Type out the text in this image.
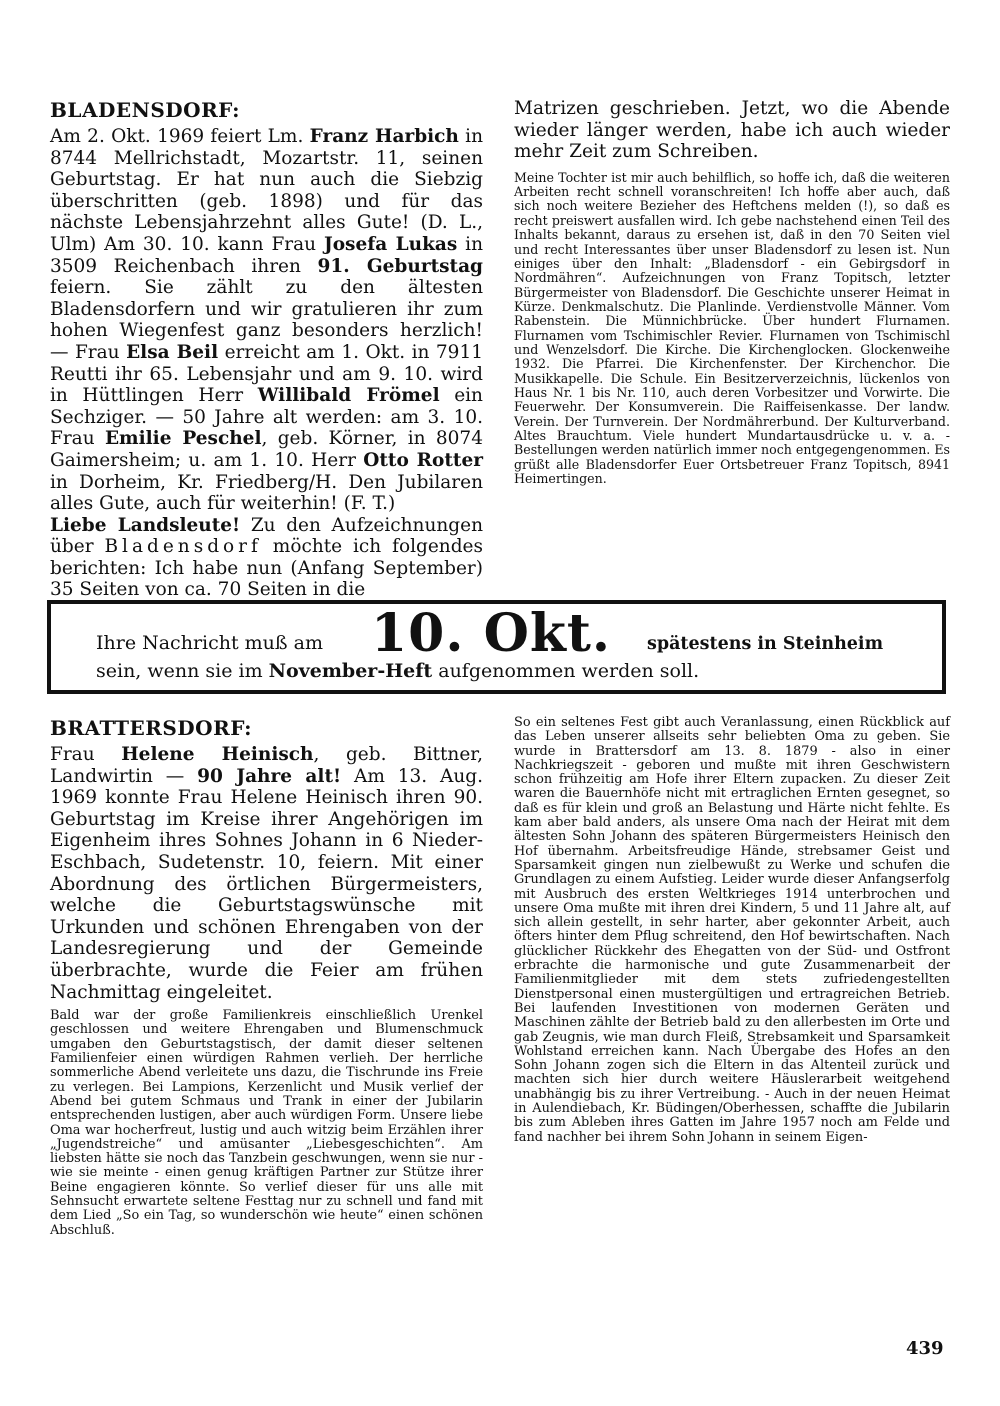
BLADENSDORF:

Am 2. Okt. 1969 feiert Lm. Franz Harbich in 8744 Mellrichstadt, Mozartstr. 11, seinen Geburtstag. Er hat nun auch die Siebzig überschritten (geb. 1898) und für das nächste Lebensjahrzehnt alles Gute! (D. L., Ulm) Am 30. 10. kann Frau Josefa Lukas in 3509 Reichenbach ihren 91. Geburtstag feiern. Sie zählt zu den ältesten Bladensdorfern und wir gratulieren ihr zum hohen Wiegenfest ganz besonders herzlich! — Frau Elsa Beil erreicht am 1. Okt. in 7911 Reutti ihr 65. Lebensjahr und am 9. 10. wird in Hüttlingen Herr Willibald Frömel ein Sechziger. — 50 Jahre alt werden: am 3. 10. Frau Emilie Peschel, geb. Körner, in 8074 Gaimersheim; u. am 1. 10. Herr Otto Rotter in Dorheim, Kr. Friedberg/H. Den Jubilaren alles Gute, auch für weiterhin! (F. T.)

Liebe Landsleute! Zu den Aufzeichnungen über Bladensdorf möchte ich folgendes berichten: Ich habe nun (Anfang September) 35 Seiten von ca. 70 Seiten in die

Matrizen geschrieben. Jetzt, wo die Abende wieder länger werden, habe ich auch wieder mehr Zeit zum Schreiben.

Meine Tochter ist mir auch behilflich, so hoffe ich, daß die weiteren Arbeiten recht schnell voranschreiten! Ich hoffe aber auch, daß sich noch weitere Bezieher des Heftchens melden (!), so daß es recht preiswert ausfallen wird. Ich gebe nachstehend einen Teil des Inhalts bekannt, daraus zu ersehen ist, daß in den 70 Seiten viel und recht Interessantes über unser Bladensdorf zu lesen ist. Nun einiges über den Inhalt: „Bladensdorf - ein Gebirgsdorf in Nordmähren“. Aufzeichnungen von Franz Topitsch, letzter Bürgermeister von Bladensdorf. Die Geschichte unserer Heimat in Kürze. Denkmalschutz. Die Planlinde. Verdienstvolle Männer. Vom Rabenstein. Die Münnichbrücke. Über hundert Flurnamen. Flurnamen vom Tschimischler Revier. Flurnamen von Tschimischl und Wenzelsdorf. Die Kirche. Die Kirchenglocken. Glockenweihe 1932. Die Pfarrei. Die Kirchenfenster. Der Kirchenchor. Die Musikkapelle. Die Schule. Ein Besitzerverzeichnis, lückenlos von Haus Nr. 1 bis Nr. 110, auch deren Vorbesitzer und Vorwirte. Die Feuerwehr. Der Konsumverein. Die Raiffeisenkasse. Der landw. Verein. Der Turnverein. Der Nordmährerbund. Der Kulturverband. Altes Brauchtum. Viele hundert Mundartausdrücke u. v. a. - Bestellungen werden natürlich immer noch entgegengenommen. Es grüßt alle Bladensdorfer Euer Ortsbetreuer Franz Topitsch, 8941 Heimertingen.

Ihre Nachricht muß am 10. Okt. spätestens in Steinheim
sein, wenn sie im November-Heft aufgenommen werden soll.
BRATTERSDORF:

Frau Helene Heinisch, geb. Bittner, Landwirtin — 90 Jahre alt! Am 13. Aug. 1969 konnte Frau Helene Heinisch ihren 90. Geburtstag im Kreise ihrer Angehörigen im Eigenheim ihres Sohnes Johann in 6 Nieder-Eschbach, Sudetenstr. 10, feiern. Mit einer Abordnung des örtlichen Bürgermeisters, welche die Geburtstagswünsche mit Urkunden und schönen Ehrengaben von der Landesregierung und der Gemeinde überbrachte, wurde die Feier am frühen Nachmittag eingeleitet.

Bald war der große Familienkreis einschließlich Urenkel geschlossen und weitere Ehrengaben und Blumenschmuck umgaben den Geburtstagstisch, der damit dieser seltenen Familienfeier einen würdigen Rahmen verlieh. Der herrliche sommerliche Abend verleitete uns dazu, die Tischrunde ins Freie zu verlegen. Bei Lampions, Kerzenlicht und Musik verlief der Abend bei gutem Schmaus und Trank in einer der Jubilarin entsprechenden lustigen, aber auch würdigen Form. Unsere liebe Oma war hocherfreut, lustig und auch witzig beim Erzählen ihrer „Jugendstreiche“ und amüsanter „Liebesgeschichten“. Am liebsten hätte sie noch das Tanzbein geschwungen, wenn sie nur - wie sie meinte - einen genug kräftigen Partner zur Stütze ihrer Beine engagieren könnte. So verlief dieser für uns alle mit Sehnsucht erwartete seltene Festtag nur zu schnell und fand mit dem Lied „So ein Tag, so wunderschön wie heute“ einen schönen Abschluß.

So ein seltenes Fest gibt auch Veranlassung, einen Rückblick auf das Leben unserer allseits sehr beliebten Oma zu geben. Sie wurde in Brattersdorf am 13. 8. 1879 - also in einer Nachkriegszeit - geboren und mußte mit ihren Geschwistern schon frühzeitig am Hofe ihrer Eltern zupacken. Zu dieser Zeit waren die Bauernhöfe nicht mit ertraglichen Ernten gesegnet, so daß es für klein und groß an Belastung und Härte nicht fehlte. Es kam aber bald anders, als unsere Oma nach der Heirat mit dem ältesten Sohn Johann des späteren Bürgermeisters Heinisch den Hof übernahm. Arbeitsfreudige Hände, strebsamer Geist und Sparsamkeit gingen nun zielbewußt zu Werke und schufen die Grundlagen zu einem Aufstieg. Leider wurde dieser Anfangserfolg mit Ausbruch des ersten Weltkrieges 1914 unterbrochen und unsere Oma mußte mit ihren drei Kindern, 5 und 11 Jahre alt, auf sich allein gestellt, in sehr harter, aber gekonnter Arbeit, auch öfters hinter dem Pflug schreitend, den Hof bewirtschaften. Nach glücklicher Rückkehr des Ehegatten von der Süd- und Ostfront erbrachte die harmonische und gute Zusammenarbeit der Familienmitglieder mit dem stets zufriedengestellten Dienstpersonal einen mustergültigen und ertragreichen Betrieb. Bei laufenden Investitionen von modernen Geräten und Maschinen zählte der Betrieb bald zu den allerbesten im Orte und gab Zeugnis, wie man durch Fleiß, Strebsamkeit und Sparsamkeit Wohlstand erreichen kann. Nach Übergabe des Hofes an den Sohn Johann zogen sich die Eltern in das Altenteil zurück und machten sich hier durch weitere Häuslerarbeit weitgehend unabhängig bis zu ihrer Vertreibung. - Auch in der neuen Heimat in Aulendiebach, Kr. Büdingen/Oberhessen, schaffte die Jubilarin bis zum Ableben ihres Gatten im Jahre 1957 noch am Felde und fand nachher bei ihrem Sohn Johann in seinem Eigen-

439
